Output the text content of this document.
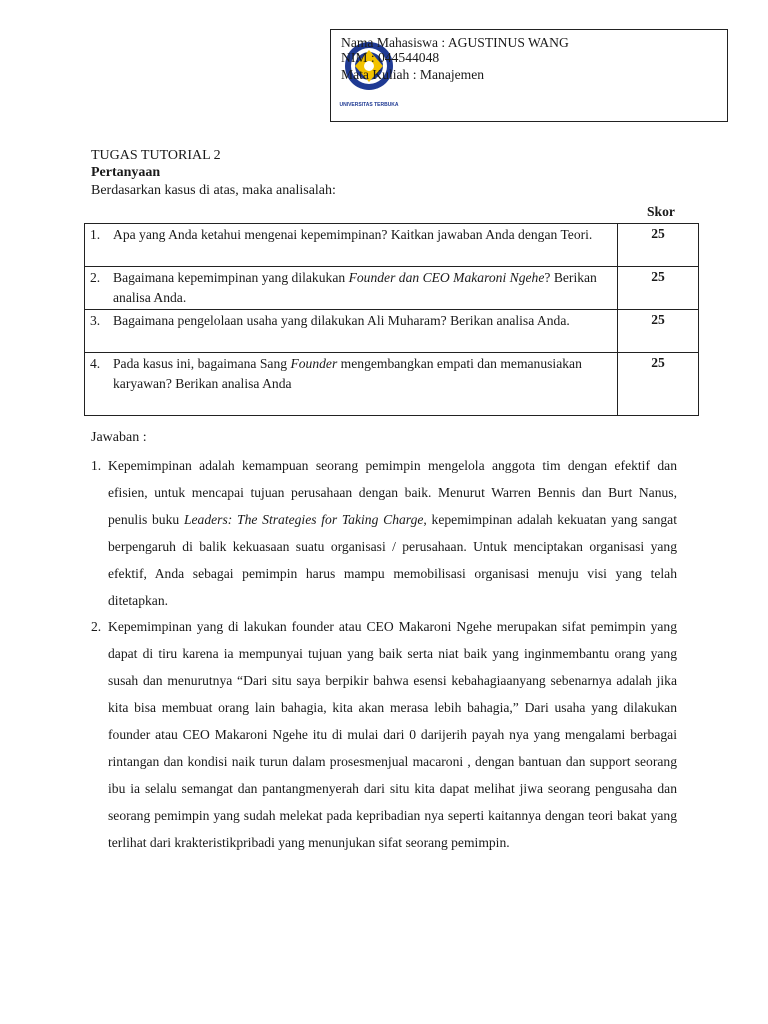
UNIVERSITAS TERBUKA
Nama Mahasiswa : AGUSTINUS WANG
NIM : 044544048
Mata Kuliah : Manajemen
TUGAS TUTORIAL 2
Pertanyaan
Berdasarkan kasus di atas, maka analisalah:
Skor
1. Apa yang Anda ketahui mengenai kepemimpinan? Kaitkan jawaban Anda dengan Teori.	25

2. Bagaimana kepemimpinan yang dilakukan Founder dan CEO Makaroni Ngehe? Berikan analisa Anda.	25

3. Bagaimana pengelolaan usaha yang dilakukan Ali Muharam? Berikan analisa Anda.	25

4. Pada kasus ini, bagaimana Sang Founder mengembangkan empati dan memanusiakan karyawan? Berikan analisa Anda	25
Jawaban :
1. Kepemimpinan adalah kemampuan seorang pemimpin mengelola anggota tim dengan efektif dan efisien, untuk mencapai tujuan perusahaan dengan baik. Menurut Warren Bennis dan Burt Nanus, penulis buku Leaders: The Strategies for Taking Charge, kepemimpinan adalah kekuatan yang sangat berpengaruh di balik kekuasaan suatu organisasi / perusahaan. Untuk menciptakan organisasi yang efektif, Anda sebagai pemimpin harus mampu memobilisasi organisasi menuju visi yang telah ditetapkan.
2. Kepemimpinan yang di lakukan founder atau CEO Makaroni Ngehe merupakan sifat pemimpin yang dapat di tiru karena ia mempunyai tujuan yang baik serta niat baik yang inginmembantu orang yang susah dan menurutnya “Dari situ saya berpikir bahwa esensi kebahagiaanyang sebenarnya adalah jika kita bisa membuat orang lain bahagia, kita akan merasa lebih bahagia,” Dari usaha yang dilakukan founder atau CEO Makaroni Ngehe itu di mulai dari 0 darijerih payah nya yang mengalami berbagai rintangan dan kondisi naik turun dalam prosesmenjual macaroni , dengan bantuan dan support seorang ibu ia selalu semangat dan pantangmenyerah dari situ kita dapat melihat jiwa seorang pengusaha dan seorang pemimpin yang sudah melekat pada kepribadian nya seperti kaitannya dengan teori bakat yang terlihat dari krakteristikpribadi yang menunjukan sifat seorang pemimpin.
